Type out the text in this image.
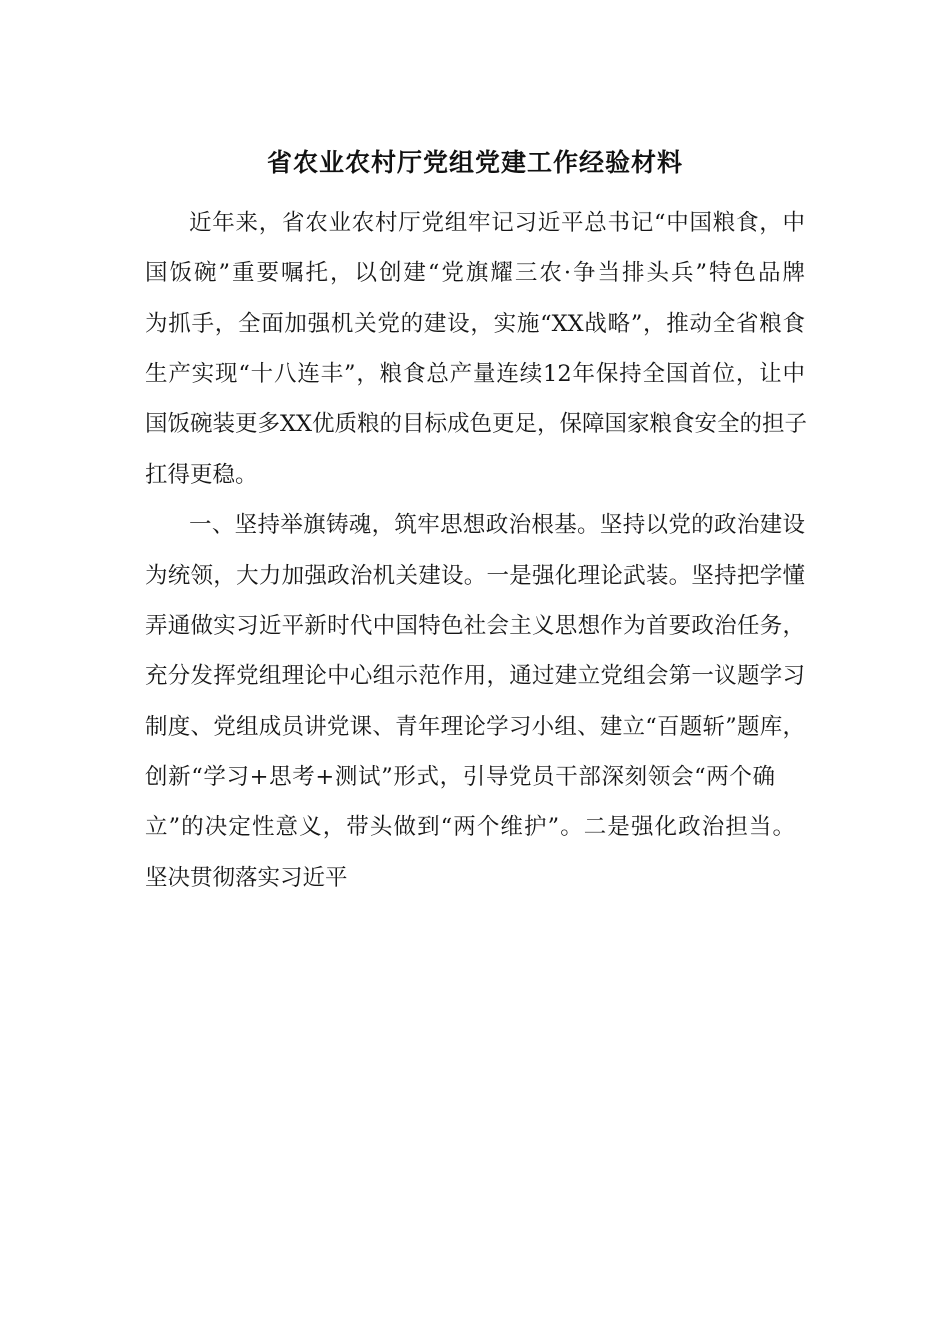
省农业农村厅党组党建工作经验材料
近年来，省农业农村厅党组牢记习近平总书记“中国粮食，中
国饭碗”重要嘱托，以创建“党旗耀三农·争当排头兵”特色品牌
为抓手，全面加强机关党的建设，实施“XX战略”，推动全省粮食
生产实现“十八连丰”，粮食总产量连续12年保持全国首位，让中
国饭碗装更多XX优质粮的目标成色更足，保障国家粮食安全的担子
扛得更稳。
一、坚持举旗铸魂，筑牢思想政治根基。坚持以党的政治建设
为统领，大力加强政治机关建设。一是强化理论武装。坚持把学懂
弄通做实习近平新时代中国特色社会主义思想作为首要政治任务，
充分发挥党组理论中心组示范作用，通过建立党组会第一议题学习
制度、党组成员讲党课、青年理论学习小组、建立“百题斩”题库，
创新“学习+思考+测试”形式，引导党员干部深刻领会“两个确
立”的决定性意义，带头做到“两个维护”。二是强化政治担当。
坚决贯彻落实习近平
